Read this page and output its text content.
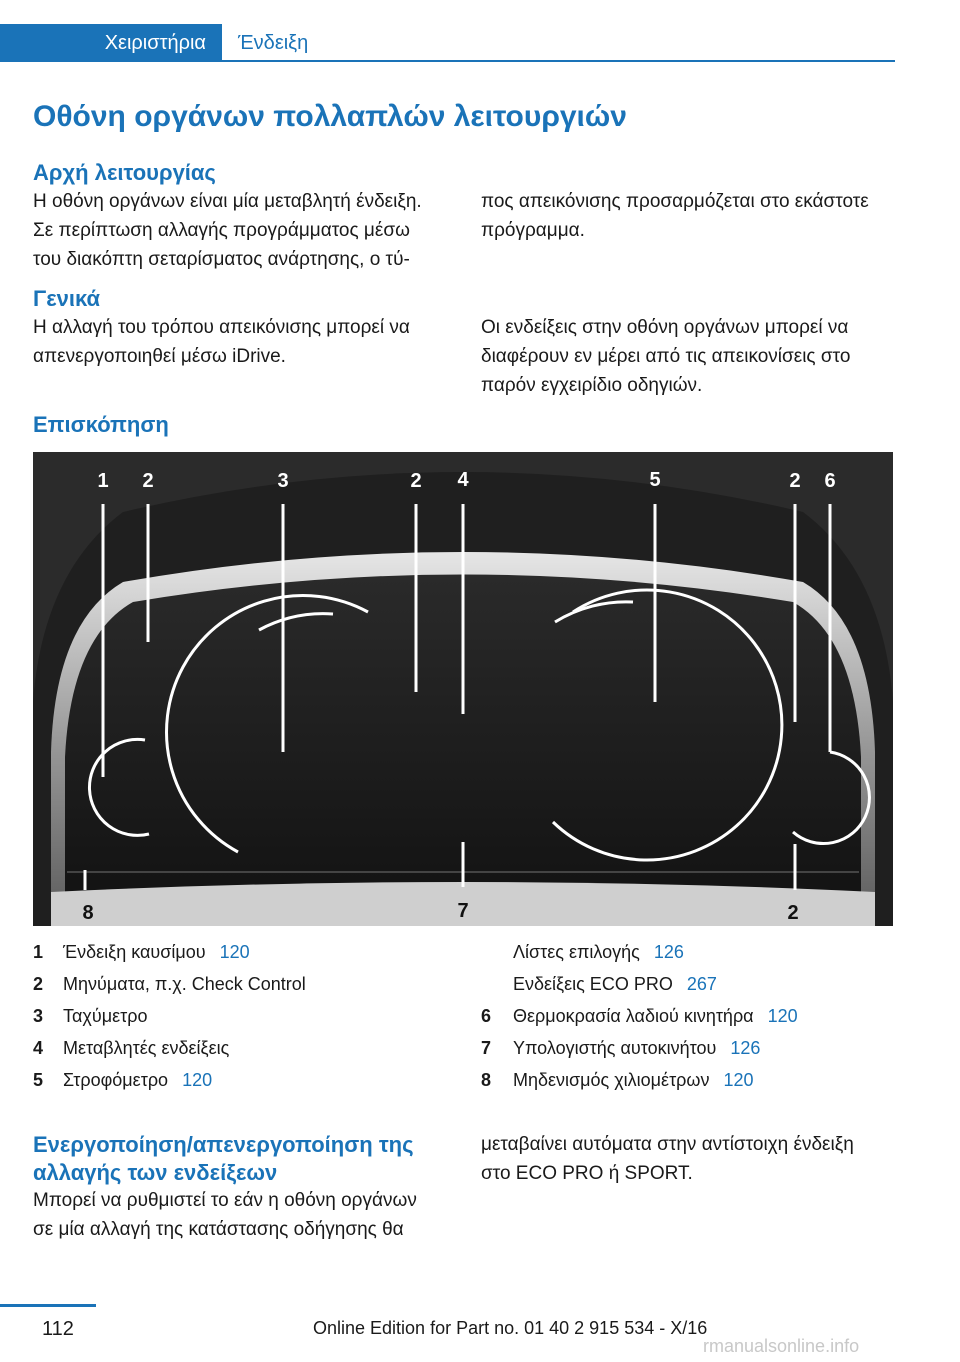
Χειριστήρια	Ένδειξη
Οθόνη οργάνων πολλαπλών λειτουργιών
Αρχή λειτουργίας

Η οθόνη οργάνων είναι μία μεταβλητή ένδειξη.

Σε περίπτωση αλλαγής προγράμματος μέσω

του διακόπτη σεταρίσματος ανάρτησης, ο τύ-

πος απεικόνισης προσαρμόζεται στο εκάστοτε

πρόγραμμα.

Γενικά

Η αλλαγή του τρόπου απεικόνισης μπορεί να

απενεργοποιηθεί μέσω iDrive.

Οι ενδείξεις στην οθόνη οργάνων μπορεί να

διαφέρουν εν μέρει από τις απεικονίσεις στο

παρόν εγχειρίδιο οδηγιών.

Επισκόπηση
1 2	3	2 4	5	2 6
8	7	2
1	Ένδειξη καυσίμου 120
2	Μηνύματα, π.χ. Check Control
3	Ταχύμετρο
4	Μεταβλητές ενδείξεις
5	Στροφόμετρο 120
Λίστες επιλογής 126
Ενδείξεις ECO PRO 267
6	Θερμοκρασία λαδιού κινητήρα 120
7	Υπολογιστής αυτοκινήτου 126
8	Μηδενισμός χιλιομέτρων 120
Ενεργοποίηση/απενεργοποίηση της
αλλαγής των ενδείξεων

Μπορεί να ρυθμιστεί το εάν η οθόνη οργάνων

σε μία αλλαγή της κατάστασης οδήγησης θα

μεταβαίνει αυτόματα στην αντίστοιχη ένδειξη

στο ECO PRO ή SPORT.

112	Online Edition for Part no. 01 40 2 915 534 - X/16
rmanualsonline.info
